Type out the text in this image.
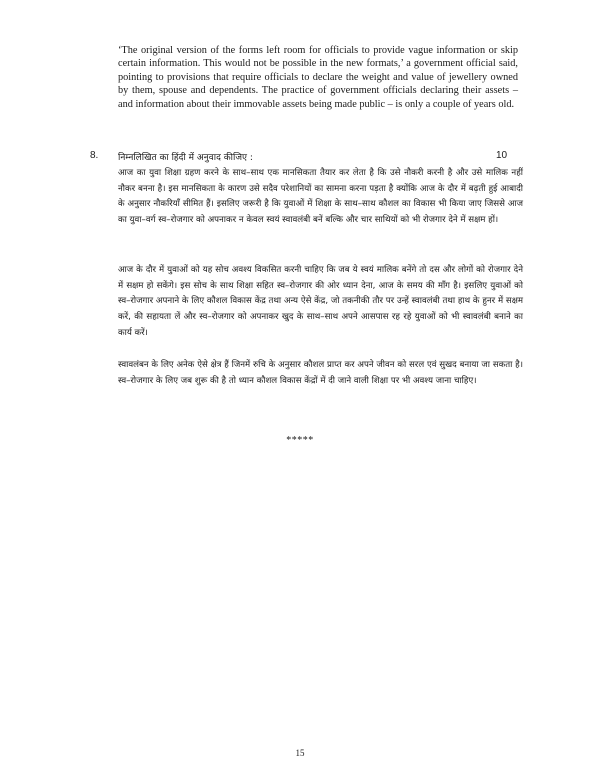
‘The original version of the forms left room for officials to provide vague information or skip certain information. This would not be possible in the new formats,’ a government official said, pointing to provisions that require officials to declare the weight and value of jewellery owned by them, spouse and dependents. The practice of government officials declaring their assets – and information about their immovable assets being made public – is only a couple of years old.

8. निम्नलिखित का हिंदी में अनुवाद कीजिए :	10

आज का युवा शिक्षा ग्रहण करने के साथ–साथ एक मानसिकता तैयार कर लेता है कि उसे नौकरी करनी है और उसे मालिक नहीं नौकर बनना है। इस मानसिकता के कारण उसे सदैव परेशानियों का सामना करना पड़ता है क्योंकि आज के दौर में बढ़ती हुई आबादी के अनुसार नौकरियाँ सीमित हैं। इसलिए जरूरी है कि युवाओं में शिक्षा के साथ–साथ कौशल का विकास भी किया जाए जिससे आज का युवा–वर्ग स्व–रोजगार को अपनाकर न केवल स्वयं स्वावलंबी बनें बल्कि और चार साथियों को भी रोजगार देने में सक्षम हों।

आज के दौर में युवाओं को यह सोच अवश्य विकसित करनी चाहिए कि जब ये स्वयं मालिक बनेंगे तो दस और लोगों को रोजगार देने में सक्षम हो सकेंगे। इस सोच के साथ शिक्षा सहित स्व–रोजगार की ओर ध्यान देना, आज के समय की माँग है। इसलिए युवाओं को स्व–रोजगार अपनाने के लिए कौशल विकास केंद्र तथा अन्य ऐसे केंद्र, जो तकनीकी तौर पर उन्हें स्वावलंबी तथा हाथ के हुनर में सक्षम करें, की सहायता लें और स्व–रोजगार को अपनाकर खुद के साथ–साथ अपने आसपास रह रहे युवाओं को भी स्वावलंबी बनाने का कार्य करें।

स्वावलंबन के लिए अनेक ऐसे क्षेत्र हैं जिनमें रुचि के अनुसार कौशल प्राप्त कर अपने जीवन को सरल एवं सुखद बनाया जा सकता है। स्व–रोजगार के लिए जब शुरू की है तो ध्यान कौशल विकास केंद्रों में दी जाने वाली शिक्षा पर भी अवश्य जाना चाहिए।

*****
15
